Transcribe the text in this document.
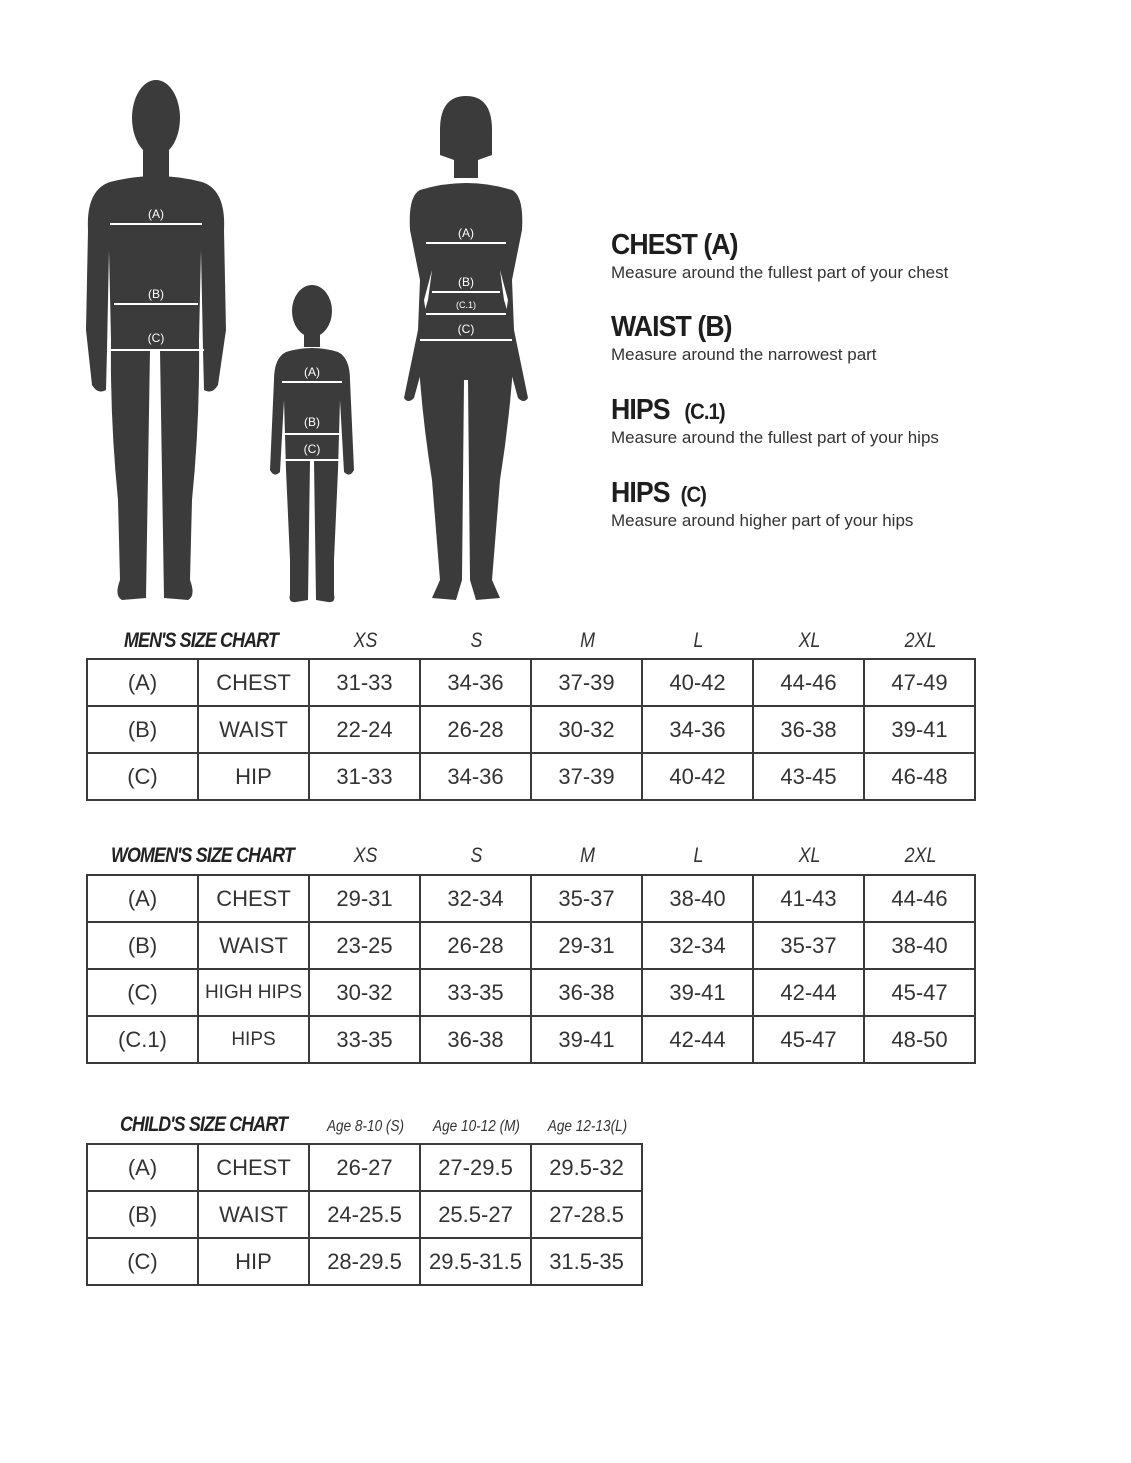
(A)
(B)
(C)
(A)
(B)
(C)
(A)
(B)
(C.1)
(C)
CHEST (A)
Measure around the fullest part of your chest
WAIST (B)
Measure around the narrowest part
HIPS (C.1)
Measure around the fullest part of your hips
HIPS (C)
Measure around higher part of your hips
MEN'S SIZE CHART	XS	S	M	L	XL	2XL
(A)	CHEST	31-33	34-36	37-39	40-42	44-46	47-49
(B)	WAIST	22-24	26-28	30-32	34-36	36-38	39-41
(C)	HIP	31-33	34-36	37-39	40-42	43-45	46-48
WOMEN'S SIZE CHART	XS	S	M	L	XL	2XL
(A)	CHEST	29-31	32-34	35-37	38-40	41-43	44-46
(B)	WAIST	23-25	26-28	29-31	32-34	35-37	38-40
(C)	HIGH HIPS	30-32	33-35	36-38	39-41	42-44	45-47
(C.1)	HIPS	33-35	36-38	39-41	42-44	45-47	48-50
CHILD'S SIZE CHART	Age 8-10 (S)	Age 10-12 (M)	Age 12-13(L)
(A)	CHEST	26-27	27-29.5	29.5-32
(B)	WAIST	24-25.5	25.5-27	27-28.5
(C)	HIP	28-29.5	29.5-31.5	31.5-35
